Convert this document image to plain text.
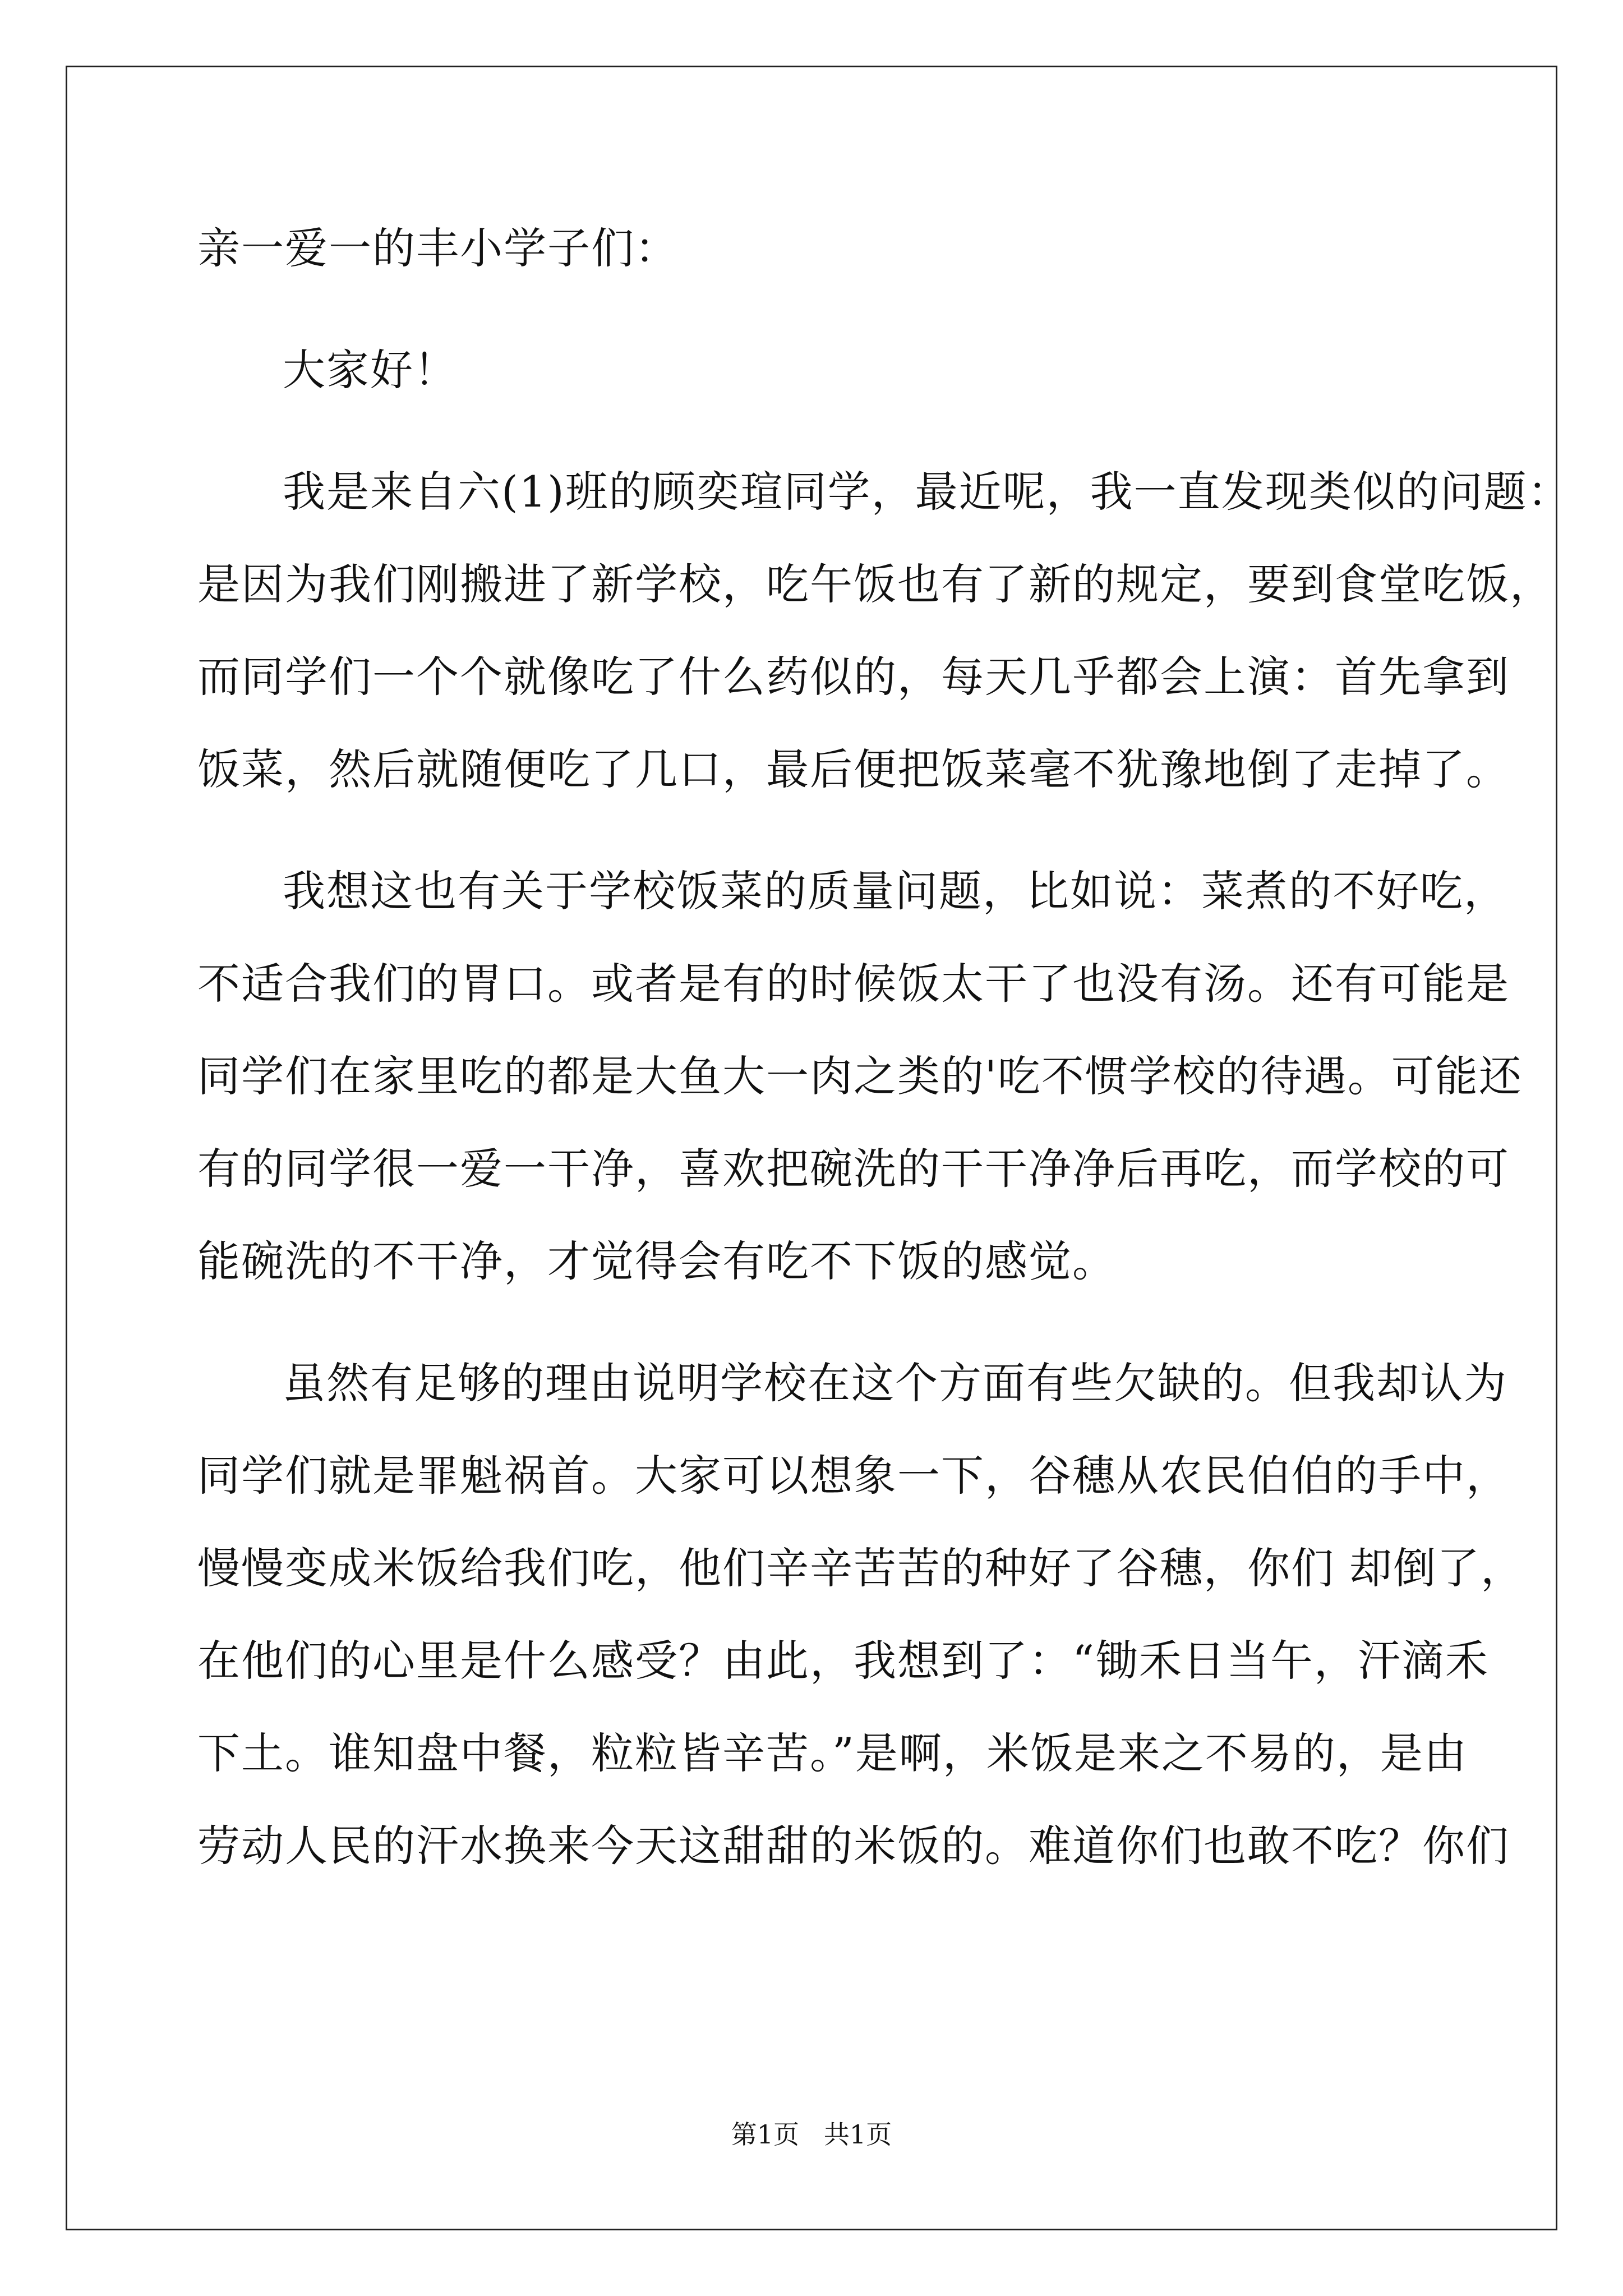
亲一爱一的丰小学子们：
大家好！
我是来自六(1)班的顾奕瑄同学，最近呢，我一直发现类似的问题：
是因为我们刚搬进了新学校，吃午饭也有了新的规定，要到食堂吃饭，
而同学们一个个就像吃了什么药似的，每天几乎都会上演：首先拿到
饭菜，然后就随便吃了几口，最后便把饭菜毫不犹豫地倒了走掉了。
我想这也有关于学校饭菜的质量问题，比如说：菜煮的不好吃，
不适合我们的胃口。或者是有的时候饭太干了也没有汤。还有可能是
同学们在家里吃的都是大鱼大一肉之类的'吃不惯学校的待遇。可能还
有的同学很一爱一干净，喜欢把碗洗的干干净净后再吃，而学校的可
能碗洗的不干净，才觉得会有吃不下饭的感觉。
虽然有足够的理由说明学校在这个方面有些欠缺的。但我却认为
同学们就是罪魁祸首。大家可以想象一下，谷穗从农民伯伯的手中，
慢慢变成米饭给我们吃，他们辛辛苦苦的种好了谷穗，你们 却倒了，
在他们的心里是什么感受？由此，我想到了：“锄禾日当午，汗滴禾
下土。谁知盘中餐，粒粒皆辛苦。”是啊，米饭是来之不易的，是由
劳动人民的汗水换来今天这甜甜的米饭的。难道你们也敢不吃？你们
第1页   共1页
